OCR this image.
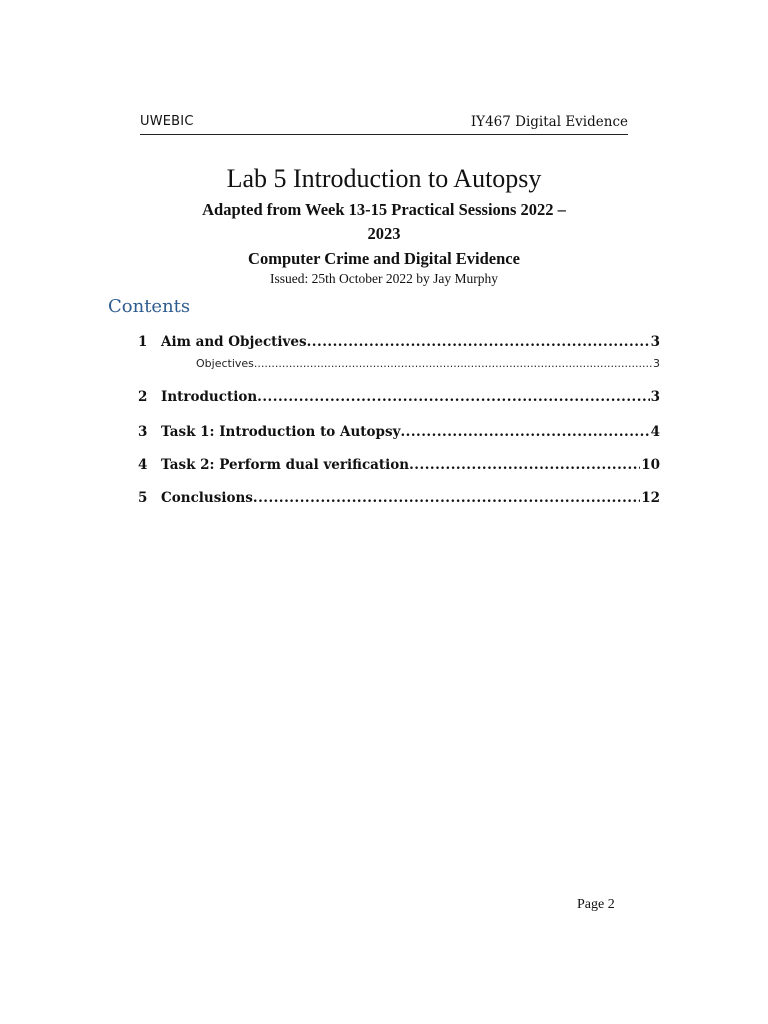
UWEBIC	IY467 Digital Evidence
Lab 5 Introduction to Autopsy
Adapted from Week 13-15 Practical Sessions 2022 – 2023
Computer Crime and Digital Evidence
Issued: 25th October 2022 by Jay Murphy
Contents
1	Aim and Objectives .....	3
Objectives .....	3
2	Introduction .....	3
3	Task 1: Introduction to Autopsy .....	4
4	Task 2: Perform dual verification .....	10
5	Conclusions .....	12
Page 2
